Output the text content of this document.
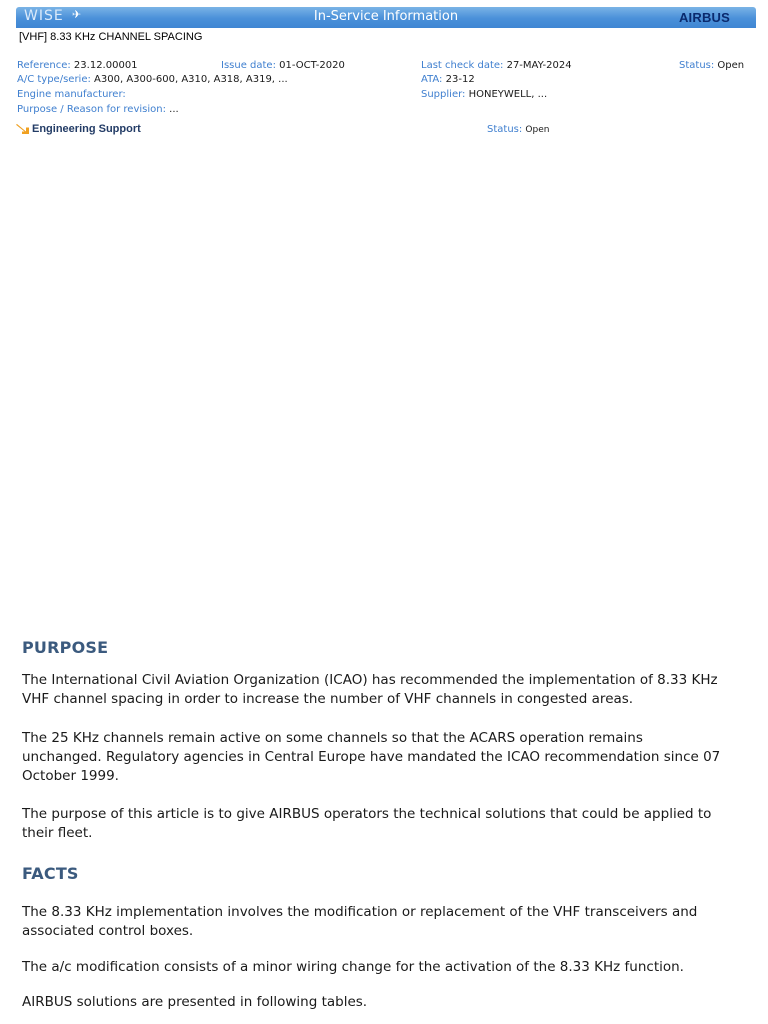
WISE ✈	In-Service Information	AIRBUS
[VHF] 8.33 KHz CHANNEL SPACING
Reference: 23.12.00001	Issue date: 01-OCT-2020	Last check date: 27-MAY-2024	Status: Open
A/C type/serie: A300, A300-600, A310, A318, A319, ...	ATA: 23-12
Engine manufacturer:	Supplier: HONEYWELL, ...
Purpose / Reason for revision: ...
Engineering Support	Status: Open
PURPOSE
The International Civil Aviation Organization (ICAO) has recommended the implementation of 8.33 KHz VHF channel spacing in order to increase the number of VHF channels in congested areas.
The 25 KHz channels remain active on some channels so that the ACARS operation remains unchanged. Regulatory agencies in Central Europe have mandated the ICAO recommendation since 07 October 1999.
The purpose of this article is to give AIRBUS operators the technical solutions that could be applied to their fleet.
FACTS
The 8.33 KHz implementation involves the modification or replacement of the VHF transceivers and associated control boxes.
The a/c modification consists of a minor wiring change for the activation of the 8.33 KHz function.
AIRBUS solutions are presented in following tables.
